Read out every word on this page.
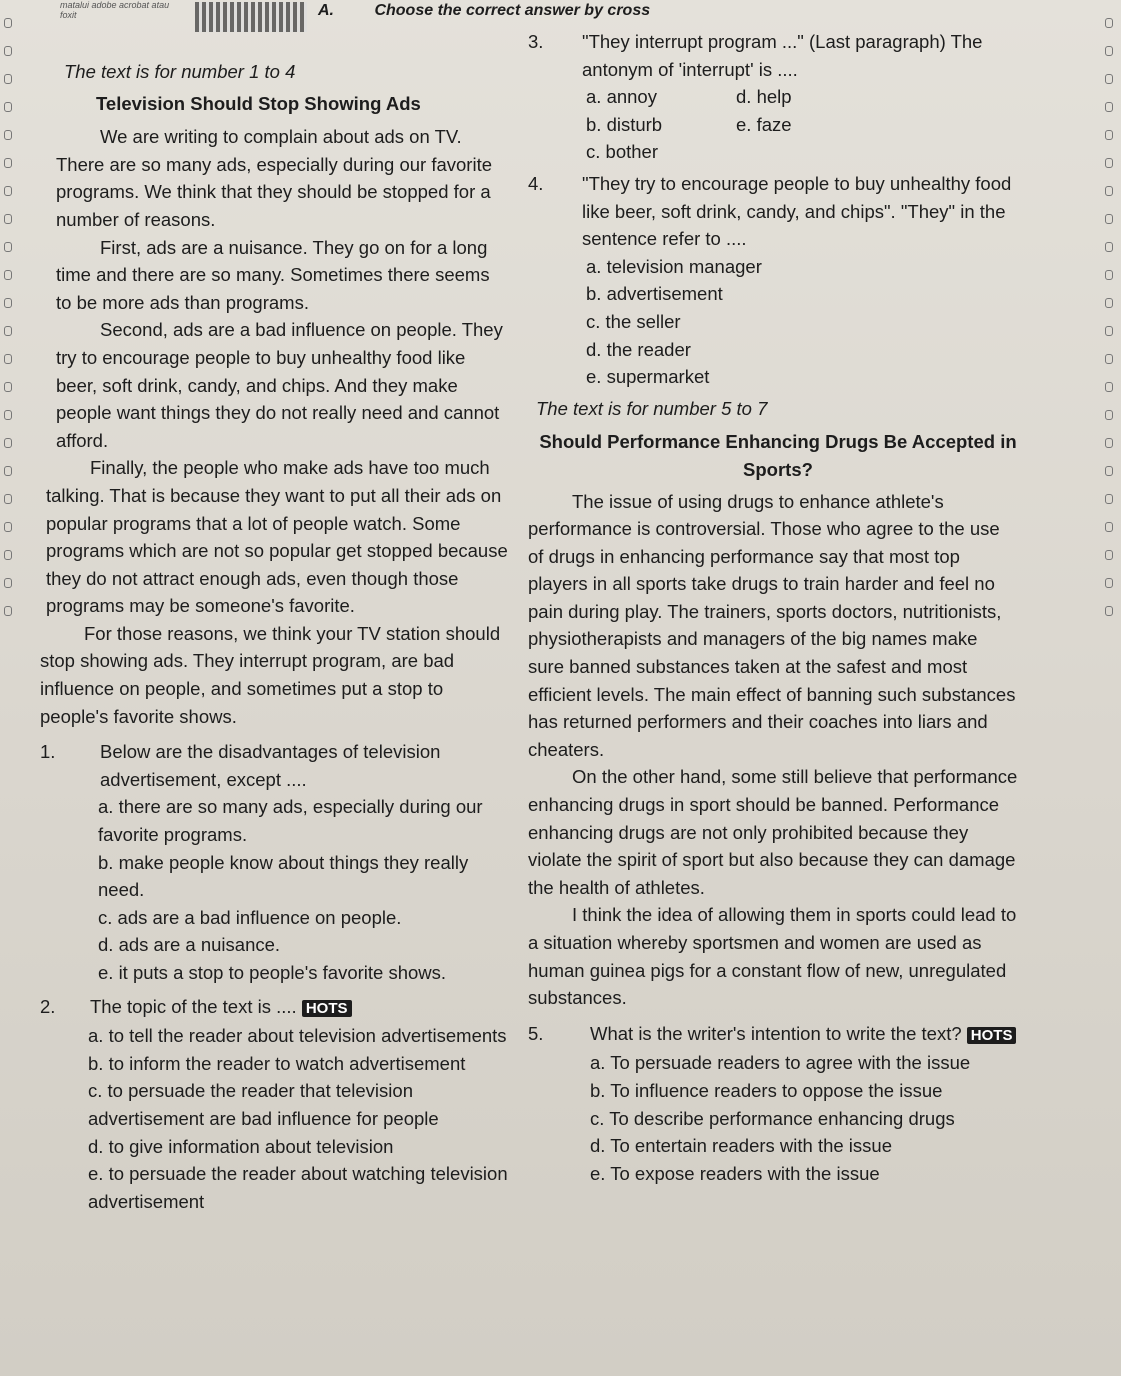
matalui adobe acrobat atau foxit	A.	Choose the correct answer by cross

The text is for number 1 to 4

Television Should Stop Showing Ads

We are writing to complain about ads on TV. There are so many ads, especially during our favorite programs. We think that they should be stopped for a number of reasons.

First, ads are a nuisance. They go on for a long time and there are so many. Sometimes there seems to be more ads than programs.

Second, ads are a bad influence on people. They try to encourage people to buy unhealthy food like beer, soft drink, candy, and chips. And they make people want things they do not really need and cannot afford.

Finally, the people who make ads have too much talking. That is because they want to put all their ads on popular programs that a lot of people watch. Some programs which are not so popular get stopped because they do not attract enough ads, even though those programs may be someone's favorite.

For those reasons, we think your TV station should stop showing ads. They interrupt program, are bad influence on people, and sometimes put a stop to people's favorite shows.

1.	Below are the disadvantages of television advertisement, except ....

a. there are so many ads, especially during our favorite programs.

b. make people know about things they really need.

c. ads are a bad influence on people.

d. ads are a nuisance.

e. it puts a stop to people's favorite shows.

2.	The topic of the text is .... HOTS

a. to tell the reader about television advertisements

b. to inform the reader to watch advertisement

c. to persuade the reader that television advertisement are bad influence for people

d. to give information about television

e. to persuade the reader about watching television advertisement

3.	"They interrupt program ..." (Last paragraph) The antonym of 'interrupt' is ....
a. annoy	d. help
b. disturb	e. faze
c. bother
4.	"They try to encourage people to buy unhealthy food like beer, soft drink, candy, and chips". "They" in the sentence refer to ....

a. television manager

b. advertisement

c. the seller

d. the reader

e. supermarket

The text is for number 5 to 7

Should Performance Enhancing Drugs Be Accepted in Sports?

The issue of using drugs to enhance athlete's performance is controversial. Those who agree to the use of drugs in enhancing performance say that most top players in all sports take drugs to train harder and feel no pain during play. The trainers, sports doctors, nutritionists, physiotherapists and managers of the big names make sure banned substances taken at the safest and most efficient levels. The main effect of banning such substances has returned performers and their coaches into liars and cheaters.

On the other hand, some still believe that performance enhancing drugs in sport should be banned. Performance enhancing drugs are not only prohibited because they violate the spirit of sport but also because they can damage the health of athletes.

I think the idea of allowing them in sports could lead to a situation whereby sportsmen and women are used as human guinea pigs for a constant flow of new, unregulated substances.

5.	What is the writer's intention to write the text? HOTS

a. To persuade readers to agree with the issue

b. To influence readers to oppose the issue

c. To describe performance enhancing drugs

d. To entertain readers with the issue

e. To expose readers with the issue
